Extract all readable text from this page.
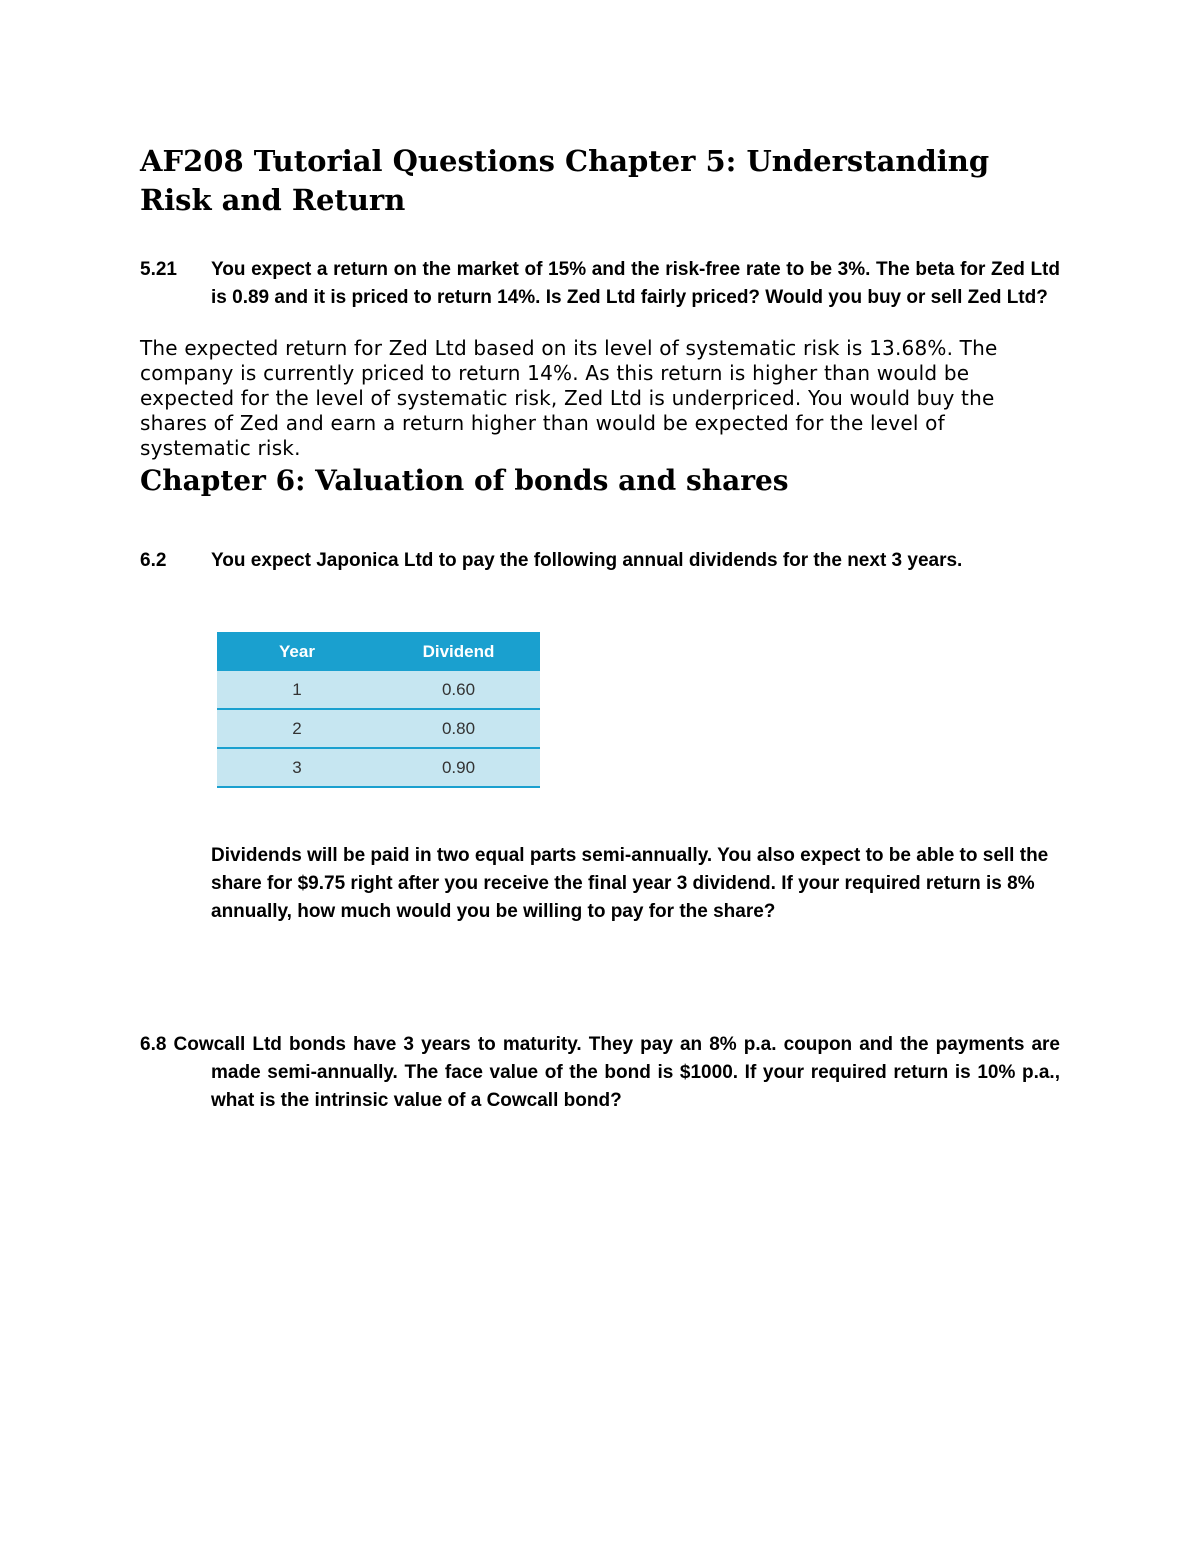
AF208 Tutorial Questions Chapter 5: Understanding Risk and Return
5.21 You expect a return on the market of 15% and the risk-free rate to be 3%. The beta for Zed Ltd is 0.89 and it is priced to return 14%. Is Zed Ltd fairly priced? Would you buy or sell Zed Ltd?

The expected return for Zed Ltd based on its level of systematic risk is 13.68%. The company is currently priced to return 14%. As this return is higher than would be expected for the level of systematic risk, Zed Ltd is underpriced. You would buy the shares of Zed and earn a return higher than would be expected for the level of systematic risk.

Chapter 6: Valuation of bonds and shares
6.2 You expect Japonica Ltd to pay the following annual dividends for the next 3 years.
Year	Dividend
1	0.60
2	0.80
3	0.90

Dividends will be paid in two equal parts semi-annually. You also expect to be able to sell the share for $9.75 right after you receive the final year 3 dividend. If your required return is 8% annually, how much would you be willing to pay for the share?

6.8 Cowcall Ltd bonds have 3 years to maturity. They pay an 8% p.a. coupon and the payments are made semi-annually. The face value of the bond is $1000. If your required return is 10% p.a., what is the intrinsic value of a Cowcall bond?
